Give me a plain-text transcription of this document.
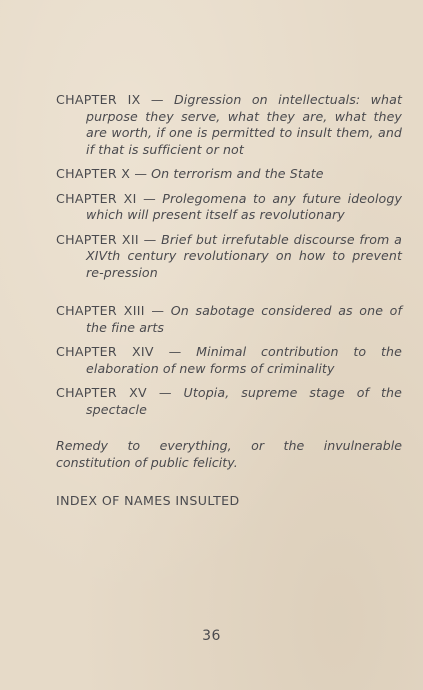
CHAPTER IX — Digression on intellectuals: what purpose they serve, what they are, what they are worth, if one is permitted to insult them, and if that is sufficient or not

CHAPTER X — On terrorism and the State

CHAPTER XI — Prolegomena to any future ideology which will present itself as revolutionary

CHAPTER XII — Brief but irrefutable discourse from a XIVth century revolutionary on how to prevent re-pression

CHAPTER XIII — On sabotage considered as one of the fine arts

CHAPTER XIV — Minimal contribution to the elaboration of new forms of criminality

CHAPTER XV — Utopia, supreme stage of the spectacle

Remedy to everything, or the invulnerable constitution of public felicity.

INDEX OF NAMES INSULTED

36
